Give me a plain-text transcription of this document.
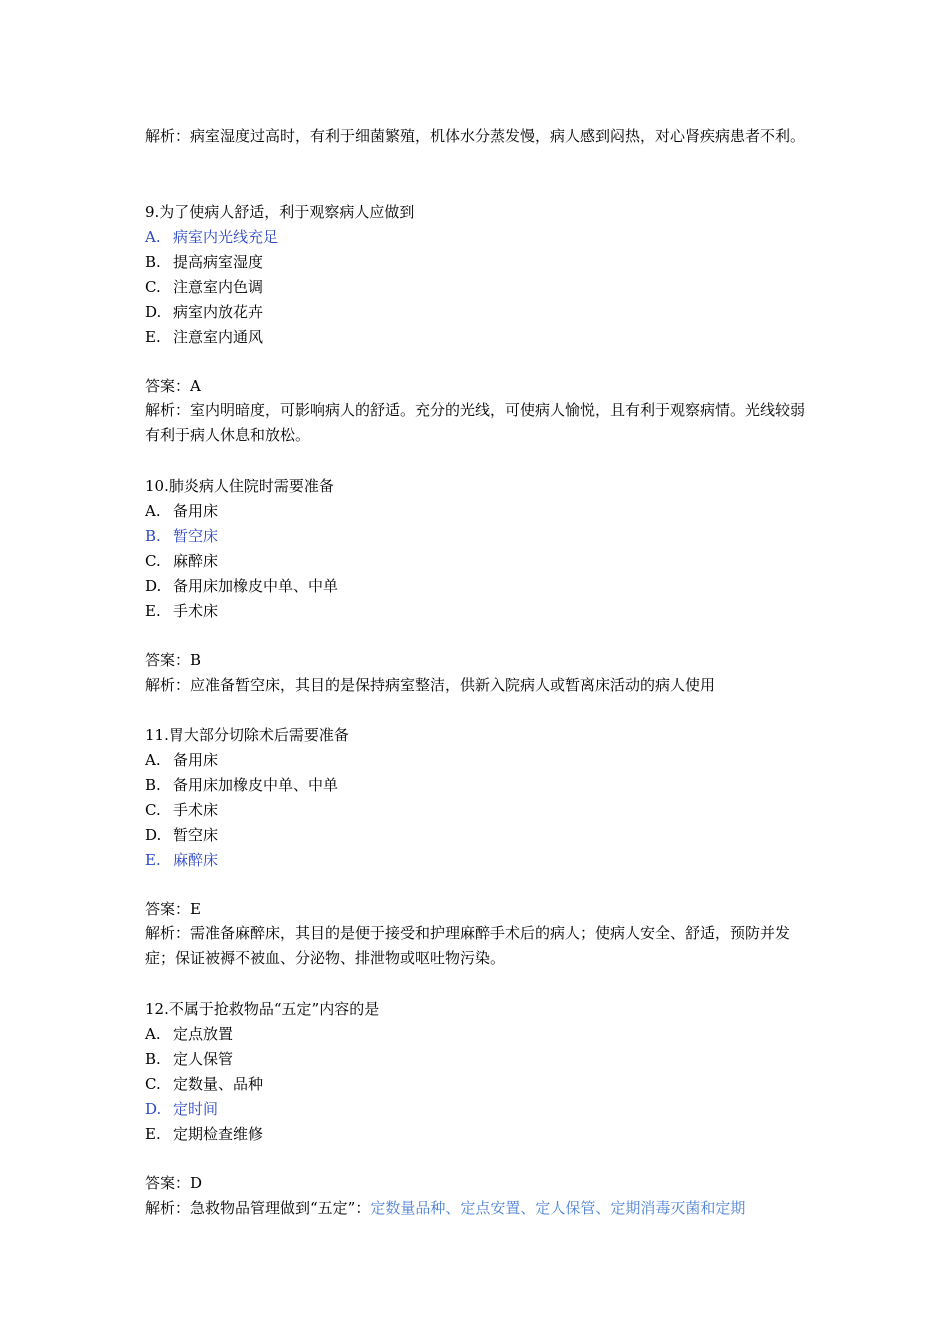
解析：病室湿度过高时，有利于细菌繁殖，机体水分蒸发慢，病人感到闷热，对心肾疾病患者不利。
9.为了使病人舒适，利于观察病人应做到
A. 病室内光线充足
B. 提高病室湿度
C. 注意室内色调
D. 病室内放花卉
E. 注意室内通风
答案：A
解析：室内明暗度，可影响病人的舒适。充分的光线，可使病人愉悦，且有利于观察病情。光线较弱有利于病人休息和放松。
10.肺炎病人住院时需要准备
A. 备用床
B. 暂空床
C. 麻醉床
D. 备用床加橡皮中单、中单
E. 手术床
答案：B
解析：应准备暂空床，其目的是保持病室整洁，供新入院病人或暂离床活动的病人使用
11.胃大部分切除术后需要准备
A. 备用床
B. 备用床加橡皮中单、中单
C. 手术床
D. 暂空床
E. 麻醉床
答案：E
解析：需准备麻醉床，其目的是便于接受和护理麻醉手术后的病人；使病人安全、舒适，预防并发症；保证被褥不被血、分泌物、排泄物或呕吐物污染。
12.不属于抢救物品“五定”内容的是
A. 定点放置
B. 定人保管
C. 定数量、品种
D. 定时间
E. 定期检查维修
答案：D
解析：急救物品管理做到“五定”：定数量品种、定点安置、定人保管、定期消毒灭菌和定期
